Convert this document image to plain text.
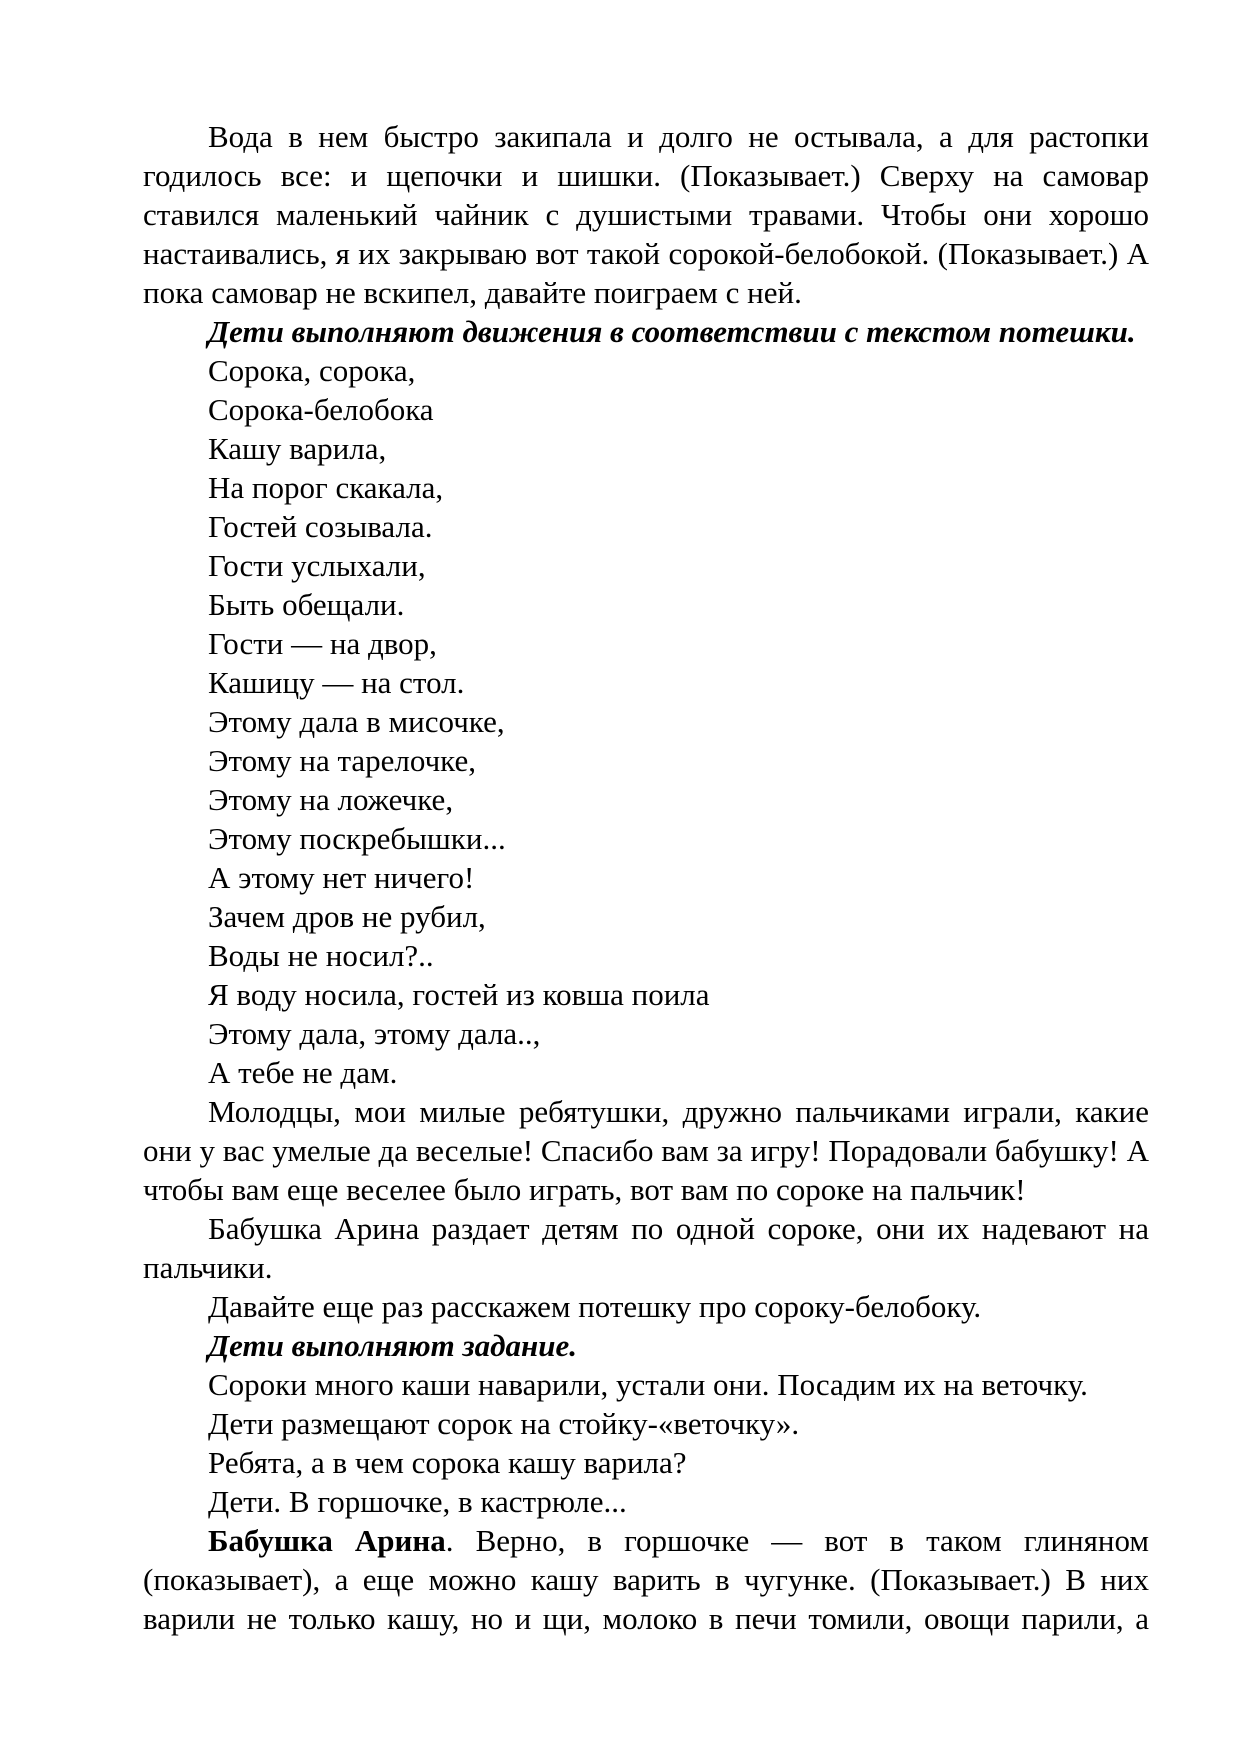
Вода в нем быстро закипала и долго не остывала, а для растопки годилось все: и щепочки и шишки. (Показывает.) Сверху на самовар ставился маленький чайник с душистыми травами. Чтобы они хорошо настаивались, я их закрываю вот такой сорокой-белобокой. (Показывает.) А пока самовар не вскипел, давайте поиграем с ней.

Дети выполняют движения в соответствии с текстом потешки.

Сорока, сорока,

Сорока-белобока

Кашу варила,

На порог скакала,

Гостей созывала.

Гости услыхали,

Быть обещали.

Гости — на двор,

Кашицу — на стол.

Этому дала в мисочке,

Этому на тарелочке,

Этому на ложечке,

Этому поскребышки...

А этому нет ничего!

Зачем дров не рубил,

Воды не носил?..

Я воду носила, гостей из ковша поила

Этому дала, этому дала..,

А тебе не дам.

Молодцы, мои милые ребятушки, дружно пальчиками играли, какие они у вас умелые да веселые! Спасибо вам за игру! Порадовали бабушку! А чтобы вам еще веселее было играть, вот вам по сороке на пальчик!

Бабушка Арина раздает детям по одной сороке, они их надевают на пальчики.

Давайте еще раз расскажем потешку про сороку-белобоку.

Дети выполняют задание.

Сороки много каши наварили, устали они. Посадим их на веточку.

Дети размещают сорок на стойку-«веточку».

Ребята, а в чем сорока кашу варила?

Дети. В горшочке, в кастрюле...

Бабушка Арина. Верно, в горшочке — вот в таком глиняном (показывает), а еще можно кашу варить в чугунке. (Показывает.) В них варили не только кашу, но и щи, молоко в печи томили, овощи парили, а
